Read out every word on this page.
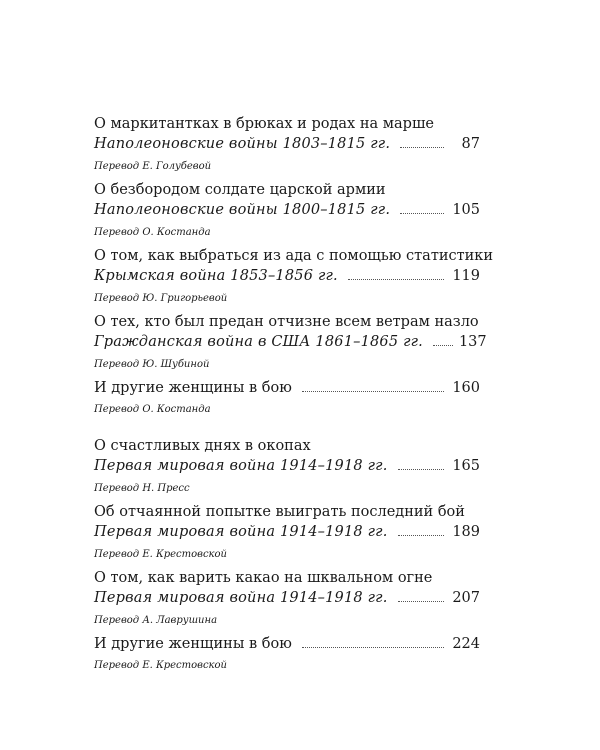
О маркитантках в брюках и родах на марше
Наполеоновские войны 1803–1815 гг.	87
Перевод Е. Голубевой
О безбородом солдате царской армии
Наполеоновские войны 1800–1815 гг.	105
Перевод О. Костанда
О том, как выбраться из ада с помощью статистики
Крымская война 1853–1856 гг.	119
Перевод Ю. Григорьевой
О тех, кто был предан отчизне всем ветрам назло
Гражданская война в США 1861–1865 гг. 137
Перевод Ю. Шубиной
И другие женщины в бою	160
Перевод О. Костанда
О счастливых днях в окопах
Первая мировая война 1914–1918 гг.	165
Перевод Н. Пресс
Об отчаянной попытке выиграть последний бой
Первая мировая война 1914–1918 гг.	189
Перевод Е. Крестовской
О том, как варить какао на шквальном огне
Первая мировая война 1914–1918 гг.	207
Перевод А. Лаврушина
И другие женщины в бою	224
Перевод Е. Крестовской
